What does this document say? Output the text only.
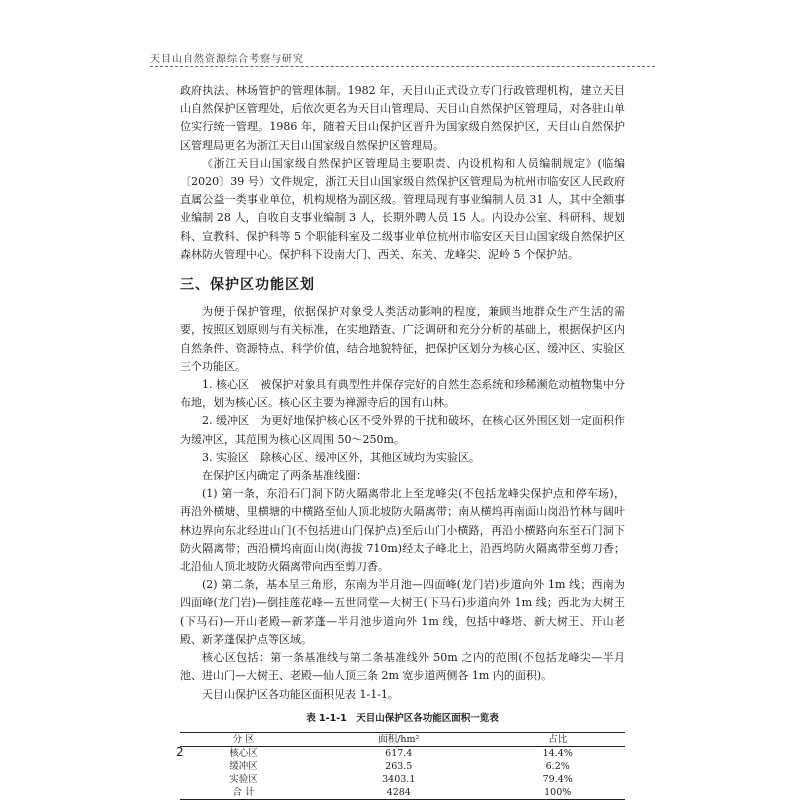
天目山自然资源综合考察与研究

政府执法、林场管护的管理体制。1982 年，天目山正式设立专门行政管理机构，建立天目山自然保护区管理处，后依次更名为天目山管理局、天目山自然保护区管理局，对各驻山单位实行统一管理。1986 年，随着天目山保护区晋升为国家级自然保护区，天目山自然保护区管理局更名为浙江天目山国家级自然保护区管理局。

《浙江天目山国家级自然保护区管理局主要职责、内设机构和人员编制规定》(临编〔2020〕39 号）文件规定，浙江天目山国家级自然保护区管理局为杭州市临安区人民政府直属公益一类事业单位，机构规格为副区级。管理局现有事业编制人员 31 人，其中全额事业编制 28 人，自收自支事业编制 3 人，长期外聘人员 15 人。内设办公室、科研科、规划科、宣教科、保护科等 5 个职能科室及二级事业单位杭州市临安区天目山国家级自然保护区森林防火管理中心。保护科下设南大门、西关、东关、龙峰尖、泥岭 5 个保护站。

三、保护区功能区划

为便于保护管理，依据保护对象受人类活动影响的程度，兼顾当地群众生产生活的需要，按照区划原则与有关标准，在实地踏查、广泛调研和充分分析的基础上，根据保护区内自然条件、资源特点、科学价值，结合地貌特征，把保护区划分为核心区、缓冲区、实验区三个功能区。

1. 核心区　被保护对象具有典型性并保存完好的自然生态系统和珍稀濒危动植物集中分布地，划为核心区。核心区主要为禅源寺后的国有山林。

2. 缓冲区　为更好地保护核心区不受外界的干扰和破坏，在核心区外围区划一定面积作为缓冲区，其范围为核心区周围 50～250m。

3. 实验区　除核心区、缓冲区外，其他区域均为实验区。

在保护区内确定了两条基准线圈：

(1) 第一条，东沿石门洞下防火隔离带北上至龙峰尖(不包括龙峰尖保护点和停车场)，再沿外横塘、里横塘的中横路至仙人顶北坡防火隔离带；南从横坞再南面山岗沿竹林与阔叶林边界向东北经进山门(不包括进山门保护点)至后山门小横路，再沿小横路向东至石门洞下防火隔离带；西沿横坞南面山岗(海拔 710m)经太子峰北上，沿西坞防火隔离带至剪刀香；北沿仙人顶北坡防火隔离带向西至剪刀香。

(2) 第二条，基本呈三角形，东南为半月池—四面峰(龙门岩)步道向外 1m 线；西南为四面峰(龙门岩)—倒挂莲花峰—五世同堂—大树王(下马石)步道向外 1m 线；西北为大树王(下马石)—开山老殿—新茅蓬—半月池步道向外 1m 线，包括中峰塔、新大树王、开山老殿、新茅蓬保护点等区域。

核心区包括：第一条基准线与第二条基准线外 50m 之内的范围(不包括龙峰尖—半月池、进山门—大树王、老殿—仙人顶三条 2m 宽步道两侧各 1m 内的面积)。

天目山保护区各功能区面积见表 1-1-1。

表 1-1-1　天目山保护区各功能区面积一览表
分 区	面积/hm²	占比
核心区	617.4	14.4%
缓冲区	263.5	6.2%
实验区	3403.1	79.4%
合 计	4284	100%
2
